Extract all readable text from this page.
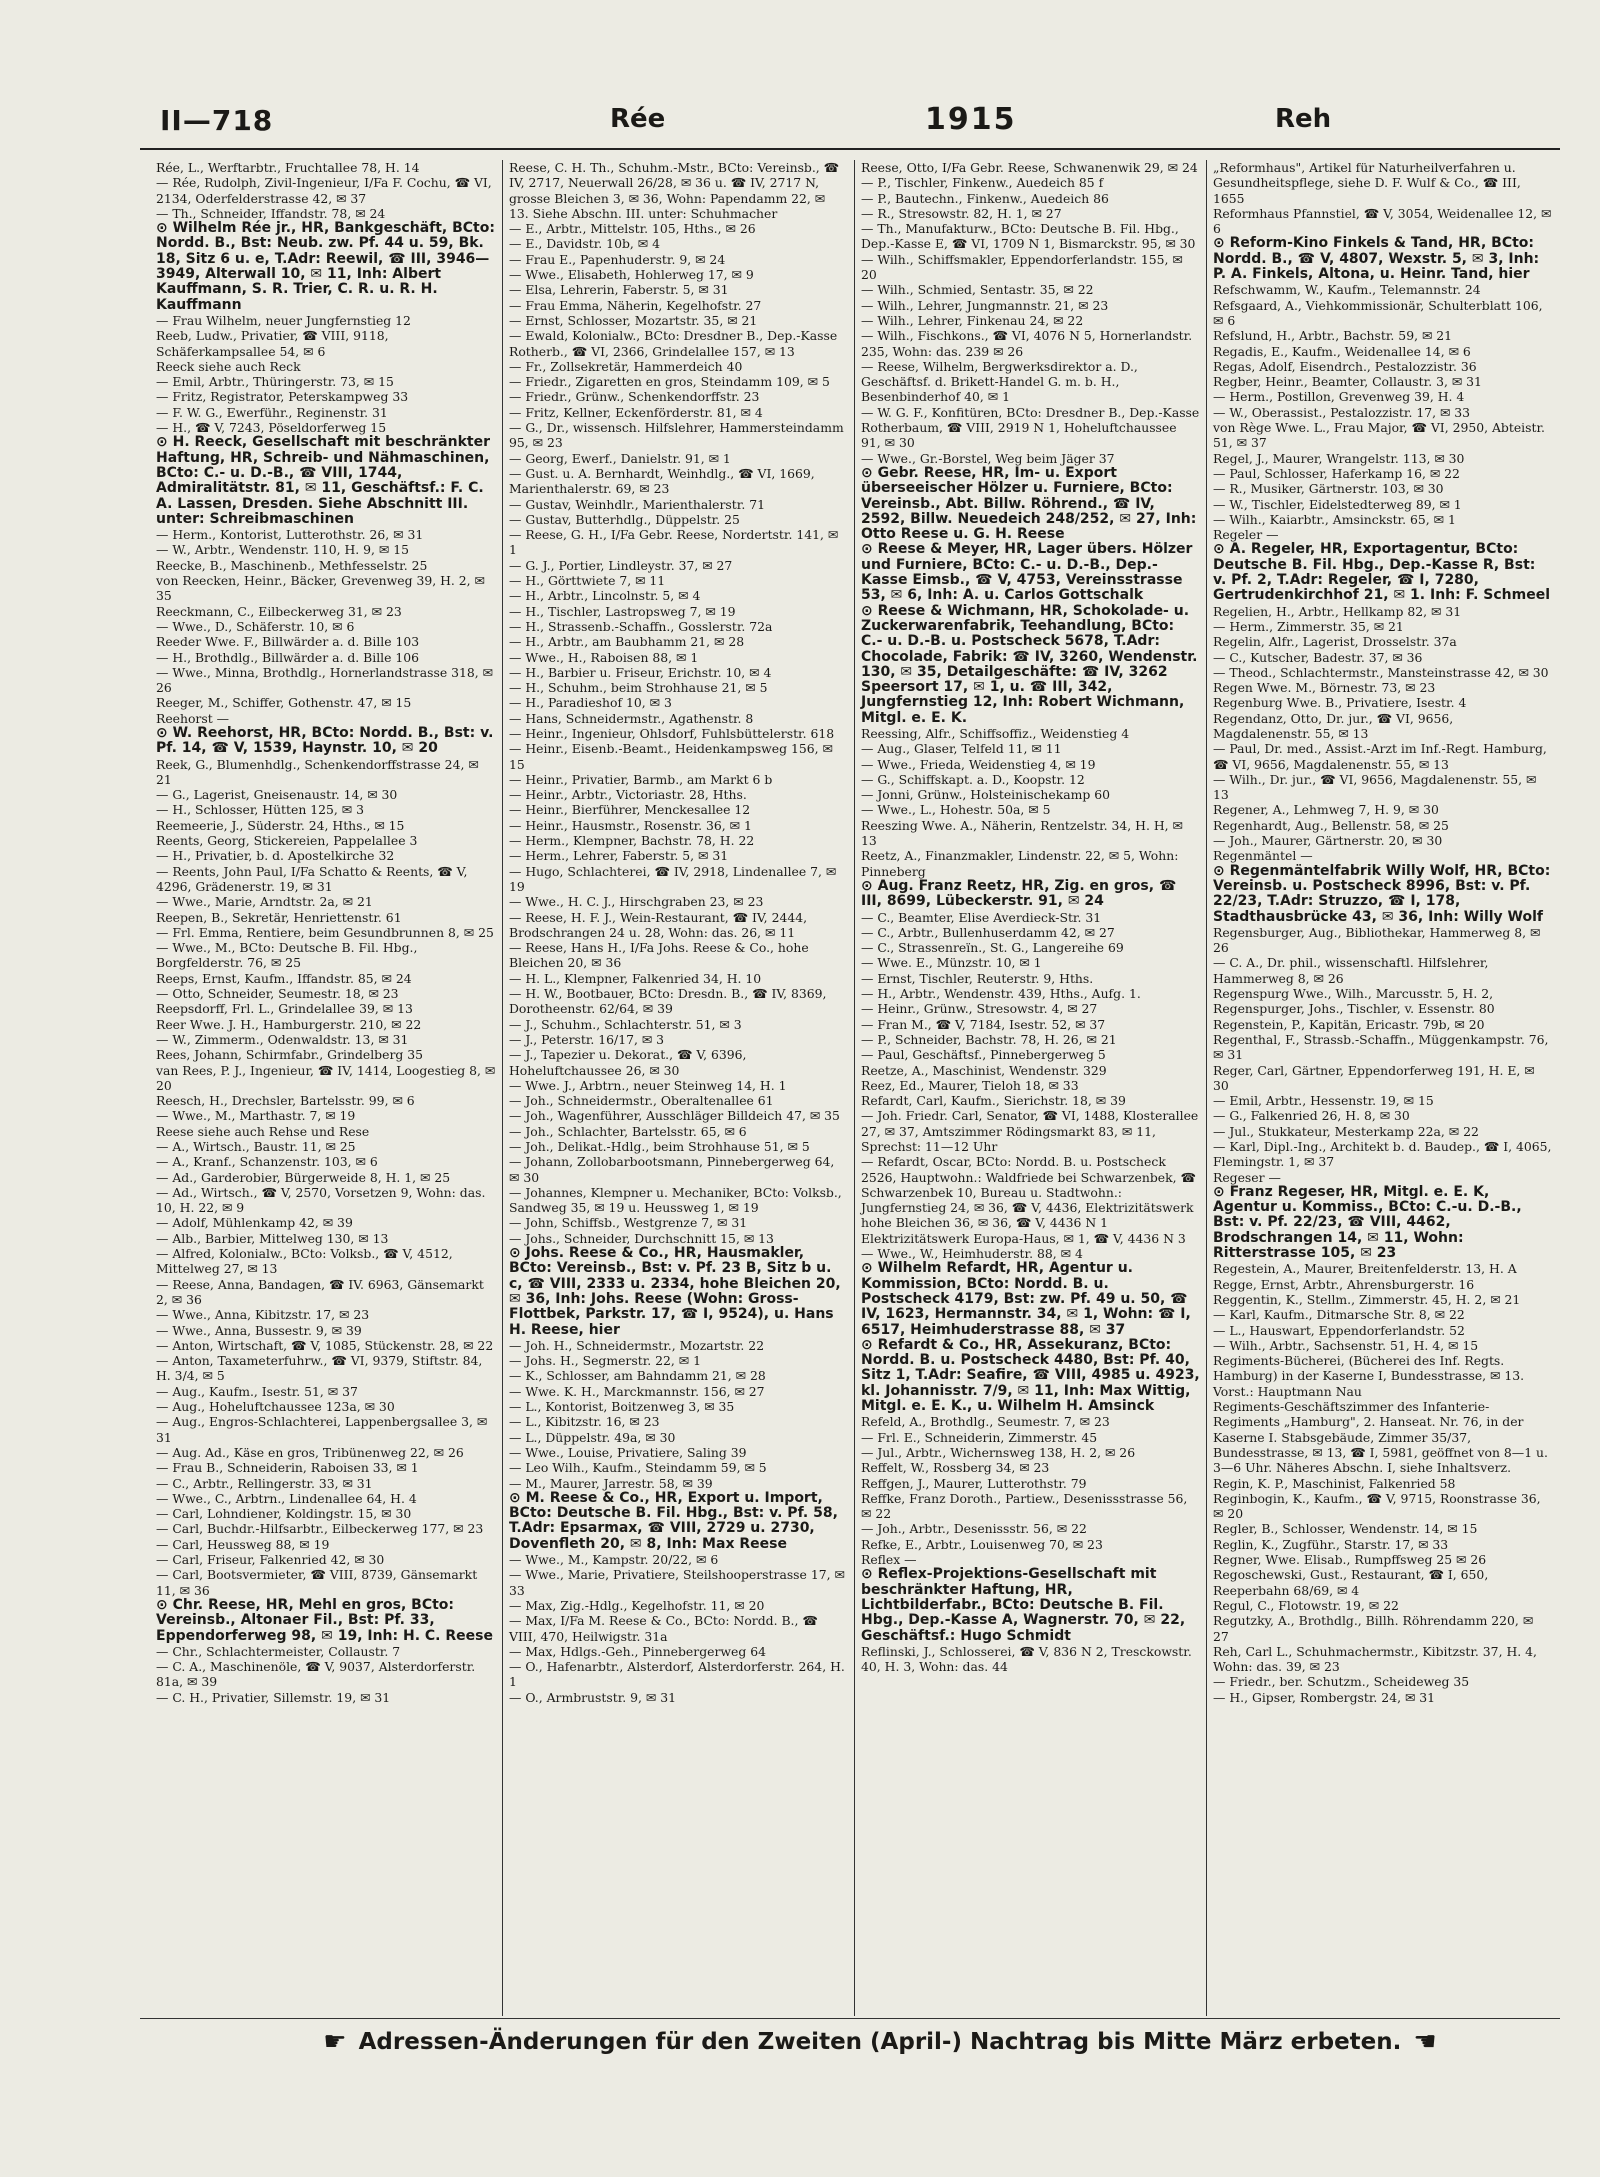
II—718	Rée	1915	Reh

Rée, L., Werftarbtr., Fruchtallee 78, H. 14

— Rée, Rudolph, Zivil-Ingenieur, I/Fa F. Cochu, ☎ VI, 2134, Oderfelderstrasse 42, ✉ 37

— Th., Schneider, Iffandstr. 78, ✉ 24

⊙ Wilhelm Rée jr., HR, Bankgeschäft, BCto: Nordd. B., Bst: Neub. zw. Pf. 44 u. 59, Bk. 18, Sitz 6 u. e, T.Adr: Reewil, ☎ III, 3946—3949, Alterwall 10, ✉ 11, Inh: Albert Kauffmann, S. R. Trier, C. R. u. R. H. Kauffmann

— Frau Wilhelm, neuer Jungfernstieg 12

Reeb, Ludw., Privatier, ☎ VIII, 9118, Schäferkampsallee 54, ✉ 6

Reeck siehe auch Reck

— Emil, Arbtr., Thüringerstr. 73, ✉ 15

— Fritz, Registrator, Peterskampweg 33

— F. W. G., Ewerführ., Reginenstr. 31

— H., ☎ V, 7243, Pöseldorferweg 15

⊙ H. Reeck, Gesellschaft mit beschränkter Haftung, HR, Schreib- und Nähmaschinen, BCto: C.- u. D.-B., ☎ VIII, 1744, Admiralitätstr. 81, ✉ 11, Geschäftsf.: F. C. A. Lassen, Dresden. Siehe Abschnitt III. unter: Schreibmaschinen

— Herm., Kontorist, Lutterothstr. 26, ✉ 31

— W., Arbtr., Wendenstr. 110, H. 9, ✉ 15

Reecke, B., Maschinenb., Methfesselstr. 25

von Reecken, Heinr., Bäcker, Grevenweg 39, H. 2, ✉ 35

Reeckmann, C., Eilbeckerweg 31, ✉ 23

— Wwe., D., Schäferstr. 10, ✉ 6

Reeder Wwe. F., Billwärder a. d. Bille 103

— H., Brothdlg., Billwärder a. d. Bille 106

— Wwe., Minna, Brothdlg., Hornerlandstrasse 318, ✉ 26

Reeger, M., Schiffer, Gothenstr. 47, ✉ 15

Reehorst —

⊙ W. Reehorst, HR, BCto: Nordd. B., Bst: v. Pf. 14, ☎ V, 1539, Haynstr. 10, ✉ 20

Reek, G., Blumenhdlg., Schenkendorffstrasse 24, ✉ 21

— G., Lagerist, Gneisenaustr. 14, ✉ 30

— H., Schlosser, Hütten 125, ✉ 3

Reemeerie, J., Süderstr. 24, Hths., ✉ 15

Reents, Georg, Stickereien, Pappelallee 3

— H., Privatier, b. d. Apostelkirche 32

— Reents, John Paul, I/Fa Schatto & Reents, ☎ V, 4296, Grädenerstr. 19, ✉ 31

— Wwe., Marie, Arndtstr. 2a, ✉ 21

Reepen, B., Sekretär, Henriettenstr. 61

— Frl. Emma, Rentiere, beim Gesundbrunnen 8, ✉ 25

— Wwe., M., BCto: Deutsche B. Fil. Hbg., Borgfelderstr. 76, ✉ 25

Reeps, Ernst, Kaufm., Iffandstr. 85, ✉ 24

— Otto, Schneider, Seumestr. 18, ✉ 23

Reepsdorff, Frl. L., Grindelallee 39, ✉ 13

Reer Wwe. J. H., Hamburgerstr. 210, ✉ 22

— W., Zimmerm., Odenwaldstr. 13, ✉ 31

Rees, Johann, Schirmfabr., Grindelberg 35

van Rees, P. J., Ingenieur, ☎ IV, 1414, Loogestieg 8, ✉ 20

Reesch, H., Drechsler, Bartelsstr. 99, ✉ 6

— Wwe., M., Marthastr. 7, ✉ 19

Reese siehe auch Rehse und Rese

— A., Wirtsch., Baustr. 11, ✉ 25

— A., Kranf., Schanzenstr. 103, ✉ 6

— Ad., Garderobier, Bürgerweide 8, H. 1, ✉ 25

— Ad., Wirtsch., ☎ V, 2570, Vorsetzen 9, Wohn: das. 10, H. 22, ✉ 9

— Adolf, Mühlenkamp 42, ✉ 39

— Alb., Barbier, Mittelweg 130, ✉ 13

— Alfred, Kolonialw., BCto: Volksb., ☎ V, 4512, Mittelweg 27, ✉ 13

— Reese, Anna, Bandagen, ☎ IV. 6963, Gänsemarkt 2, ✉ 36

— Wwe., Anna, Kibitzstr. 17, ✉ 23

— Wwe., Anna, Bussestr. 9, ✉ 39

— Anton, Wirtschaft, ☎ V, 1085, Stückenstr. 28, ✉ 22

— Anton, Taxameterfuhrw., ☎ VI, 9379, Stiftstr. 84, H. 3/4, ✉ 5

— Aug., Kaufm., Isestr. 51, ✉ 37

— Aug., Hoheluftchaussee 123a, ✉ 30

— Aug., Engros-Schlachterei, Lappenbergsallee 3, ✉ 31

— Aug. Ad., Käse en gros, Tribünenweg 22, ✉ 26

— Frau B., Schneiderin, Raboisen 33, ✉ 1

— C., Arbtr., Rellingerstr. 33, ✉ 31

— Wwe., C., Arbtrn., Lindenallee 64, H. 4

— Carl, Lohndiener, Koldingstr. 15, ✉ 30

— Carl, Buchdr.-Hilfsarbtr., Eilbeckerweg 177, ✉ 23

— Carl, Heussweg 88, ✉ 19

— Carl, Friseur, Falkenried 42, ✉ 30

— Carl, Bootsvermieter, ☎ VIII, 8739, Gänsemarkt 11, ✉ 36

⊙ Chr. Reese, HR, Mehl en gros, BCto: Vereinsb., Altonaer Fil., Bst: Pf. 33, Eppendorferweg 98, ✉ 19, Inh: H. C. Reese

— Chr., Schlachtermeister, Collaustr. 7

— C. A., Maschinenöle, ☎ V, 9037, Alsterdorferstr. 81a, ✉ 39

— C. H., Privatier, Sillemstr. 19, ✉ 31

Reese, C. H. Th., Schuhm.-Mstr., BCto: Vereinsb., ☎ IV, 2717, Neuerwall 26/28, ✉ 36 u. ☎ IV, 2717 N, grosse Bleichen 3, ✉ 36, Wohn: Papendamm 22, ✉ 13. Siehe Abschn. III. unter: Schuhmacher

— E., Arbtr., Mittelstr. 105, Hths., ✉ 26

— E., Davidstr. 10b, ✉ 4

— Frau E., Papenhuderstr. 9, ✉ 24

— Wwe., Elisabeth, Hohlerweg 17, ✉ 9

— Elsa, Lehrerin, Faberstr. 5, ✉ 31

— Frau Emma, Näherin, Kegelhofstr. 27

— Ernst, Schlosser, Mozartstr. 35, ✉ 21

— Ewald, Kolonialw., BCto: Dresdner B., Dep.-Kasse Rotherb., ☎ VI, 2366, Grindelallee 157, ✉ 13

— Fr., Zollsekretär, Hammerdeich 40

— Friedr., Zigaretten en gros, Steindamm 109, ✉ 5

— Friedr., Grünw., Schenkendorffstr. 23

— Fritz, Kellner, Eckenförderstr. 81, ✉ 4

— G., Dr., wissensch. Hilfslehrer, Hammersteindamm 95, ✉ 23

— Georg, Ewerf., Danielstr. 91, ✉ 1

— Gust. u. A. Bernhardt, Weinhdlg., ☎ VI, 1669, Marienthalerstr. 69, ✉ 23

— Gustav, Weinhdlr., Marienthalerstr. 71

— Gustav, Butterhdlg., Düppelstr. 25

— Reese, G. H., I/Fa Gebr. Reese, Nordertstr. 141, ✉ 1

— G. J., Portier, Lindleystr. 37, ✉ 27

— H., Görttwiete 7, ✉ 11

— H., Arbtr., Lincolnstr. 5, ✉ 4

— H., Tischler, Lastropsweg 7, ✉ 19

— H., Strassenb.-Schaffn., Gosslerstr. 72a

— H., Arbtr., am Baubhamm 21, ✉ 28

— Wwe., H., Raboisen 88, ✉ 1

— H., Barbier u. Friseur, Erichstr. 10, ✉ 4

— H., Schuhm., beim Strohhause 21, ✉ 5

— H., Paradieshof 10, ✉ 3

— Hans, Schneidermstr., Agathenstr. 8

— Heinr., Ingenieur, Ohlsdorf, Fuhlsbüttelerstr. 618

— Heinr., Eisenb.-Beamt., Heidenkampsweg 156, ✉ 15

— Heinr., Privatier, Barmb., am Markt 6 b

— Heinr., Arbtr., Victoriastr. 28, Hths.

— Heinr., Bierführer, Menckesallee 12

— Heinr., Hausmstr., Rosenstr. 36, ✉ 1

— Herm., Klempner, Bachstr. 78, H. 22

— Herm., Lehrer, Faberstr. 5, ✉ 31

— Hugo, Schlachterei, ☎ IV, 2918, Lindenallee 7, ✉ 19

— Wwe., H. C. J., Hirschgraben 23, ✉ 23

— Reese, H. F. J., Wein-Restaurant, ☎ IV, 2444, Brodschrangen 24 u. 28, Wohn: das. 26, ✉ 11

— Reese, Hans H., I/Fa Johs. Reese & Co., hohe Bleichen 20, ✉ 36

— H. L., Klempner, Falkenried 34, H. 10

— H. W., Bootbauer, BCto: Dresdn. B., ☎ IV, 8369, Dorotheenstr. 62/64, ✉ 39

— J., Schuhm., Schlachterstr. 51, ✉ 3

— J., Peterstr. 16/17, ✉ 3

— J., Tapezier u. Dekorat., ☎ V, 6396, Hoheluftchaussee 26, ✉ 30

— Wwe. J., Arbtrn., neuer Steinweg 14, H. 1

— Joh., Schneidermstr., Oberaltenallee 61

— Joh., Wagenführer, Ausschläger Billdeich 47, ✉ 35

— Joh., Schlachter, Bartelsstr. 65, ✉ 6

— Joh., Delikat.-Hdlg., beim Strohhause 51, ✉ 5

— Johann, Zollobarbootsmann, Pinnebergerweg 64, ✉ 30

— Johannes, Klempner u. Mechaniker, BCto: Volksb., Sandweg 35, ✉ 19 u. Heussweg 1, ✉ 19

— John, Schiffsb., Westgrenze 7, ✉ 31

— Johs., Schneider, Durchschnitt 15, ✉ 13

⊙ Johs. Reese & Co., HR, Hausmakler, BCto: Vereinsb., Bst: v. Pf. 23 B, Sitz b u. c, ☎ VIII, 2333 u. 2334, hohe Bleichen 20, ✉ 36, Inh: Johs. Reese (Wohn: Gross-Flottbek, Parkstr. 17, ☎ I, 9524), u. Hans H. Reese, hier

— Joh. H., Schneidermstr., Mozartstr. 22

— Johs. H., Segmerstr. 22, ✉ 1

— K., Schlosser, am Bahndamm 21, ✉ 28

— Wwe. K. H., Marckmannstr. 156, ✉ 27

— L., Kontorist, Boitzenweg 3, ✉ 35

— L., Kibitzstr. 16, ✉ 23

— L., Düppelstr. 49a, ✉ 30

— Wwe., Louise, Privatiere, Saling 39

— Leo Wilh., Kaufm., Steindamm 59, ✉ 5

— M., Maurer, Jarrestr. 58, ✉ 39

⊙ M. Reese & Co., HR, Export u. Import, BCto: Deutsche B. Fil. Hbg., Bst: v. Pf. 58, T.Adr: Epsarmax, ☎ VIII, 2729 u. 2730, Dovenfleth 20, ✉ 8, Inh: Max Reese

— Wwe., M., Kampstr. 20/22, ✉ 6

— Wwe., Marie, Privatiere, Steilshooperstrasse 17, ✉ 33

— Max, Zig.-Hdlg., Kegelhofstr. 11, ✉ 20

— Max, I/Fa M. Reese & Co., BCto: Nordd. B., ☎ VIII, 470, Heilwigstr. 31a

— Max, Hdlgs.-Geh., Pinnebergerweg 64

— O., Hafenarbtr., Alsterdorf, Alsterdorferstr. 264, H. 1

— O., Armbruststr. 9, ✉ 31

Reese, Otto, I/Fa Gebr. Reese, Schwanenwik 29, ✉ 24

— P., Tischler, Finkenw., Auedeich 85 f

— P., Bautechn., Finkenw., Auedeich 86

— R., Stresowstr. 82, H. 1, ✉ 27

— Th., Manufakturw., BCto: Deutsche B. Fil. Hbg., Dep.-Kasse E, ☎ VI, 1709 N 1, Bismarckstr. 95, ✉ 30

— Wilh., Schiffsmakler, Eppendorferlandstr. 155, ✉ 20

— Wilh., Schmied, Sentastr. 35, ✉ 22

— Wilh., Lehrer, Jungmannstr. 21, ✉ 23

— Wilh., Lehrer, Finkenau 24, ✉ 22

— Wilh., Fischkons., ☎ VI, 4076 N 5, Hornerlandstr. 235, Wohn: das. 239 ✉ 26

— Reese, Wilhelm, Bergwerksdirektor a. D., Geschäftsf. d. Brikett-Handel G. m. b. H., Besenbinderhof 40, ✉ 1

— W. G. F., Konfitüren, BCto: Dresdner B., Dep.-Kasse Rotherbaum, ☎ VIII, 2919 N 1, Hoheluftchaussee 91, ✉ 30

— Wwe., Gr.-Borstel, Weg beim Jäger 37

⊙ Gebr. Reese, HR, Im- u. Export überseeischer Hölzer u. Furniere, BCto: Vereinsb., Abt. Billw. Röhrend., ☎ IV, 2592, Billw. Neuedeich 248/252, ✉ 27, Inh: Otto Reese u. G. H. Reese

⊙ Reese & Meyer, HR, Lager übers. Hölzer und Furniere, BCto: C.- u. D.-B., Dep.-Kasse Eimsb., ☎ V, 4753, Vereinsstrasse 53, ✉ 6, Inh: A. u. Carlos Gottschalk

⊙ Reese & Wichmann, HR, Schokolade- u. Zuckerwarenfabrik, Teehandlung, BCto: C.- u. D.-B. u. Postscheck 5678, T.Adr: Chocolade, Fabrik: ☎ IV, 3260, Wendenstr. 130, ✉ 35, Detailgeschäfte: ☎ IV, 3262 Speersort 17, ✉ 1, u. ☎ III, 342, Jungfernstieg 12, Inh: Robert Wichmann, Mitgl. e. E. K.

Reessing, Alfr., Schiffsoffiz., Weidenstieg 4

— Aug., Glaser, Telfeld 11, ✉ 11

— Wwe., Frieda, Weidenstieg 4, ✉ 19

— G., Schiffskapt. a. D., Koopstr. 12

— Jonni, Grünw., Holsteinischekamp 60

— Wwe., L., Hohestr. 50a, ✉ 5

Reeszing Wwe. A., Näherin, Rentzelstr. 34, H. H, ✉ 13

Reetz, A., Finanzmakler, Lindenstr. 22, ✉ 5, Wohn: Pinneberg

⊙ Aug. Franz Reetz, HR, Zig. en gros, ☎ III, 8699, Lübeckerstr. 91, ✉ 24

— C., Beamter, Elise Averdieck-Str. 31

— C., Arbtr., Bullenhuserdamm 42, ✉ 27

— C., Strassenreïn., St. G., Langereihe 69

— Wwe. E., Münzstr. 10, ✉ 1

— Ernst, Tischler, Reuterstr. 9, Hths.

— H., Arbtr., Wendenstr. 439, Hths., Aufg. 1.

— Heinr., Grünw., Stresowstr. 4, ✉ 27

— Fran M., ☎ V, 7184, Isestr. 52, ✉ 37

— P., Schneider, Bachstr. 78, H. 26, ✉ 21

— Paul, Geschäftsf., Pinnebergerweg 5

Reetze, A., Maschinist, Wendenstr. 329

Reez, Ed., Maurer, Tieloh 18, ✉ 33

Refardt, Carl, Kaufm., Sierichstr. 18, ✉ 39

— Joh. Friedr. Carl, Senator, ☎ VI, 1488, Klosterallee 27, ✉ 37, Amtszimmer Rödingsmarkt 83, ✉ 11, Sprechst: 11—12 Uhr

— Refardt, Oscar, BCto: Nordd. B. u. Postscheck 2526, Hauptwohn.: Waldfriede bei Schwarzenbek, ☎ Schwarzenbek 10, Bureau u. Stadtwohn.: Jungfernstieg 24, ✉ 36, ☎ V, 4436, Elektrizitätswerk hohe Bleichen 36, ✉ 36, ☎ V, 4436 N 1 Elektrizitätswerk Europa-Haus, ✉ 1, ☎ V, 4436 N 3

— Wwe., W., Heimhuderstr. 88, ✉ 4

⊙ Wilhelm Refardt, HR, Agentur u. Kommission, BCto: Nordd. B. u. Postscheck 4179, Bst: zw. Pf. 49 u. 50, ☎ IV, 1623, Hermannstr. 34, ✉ 1, Wohn: ☎ I, 6517, Heimhuderstrasse 88, ✉ 37

⊙ Refardt & Co., HR, Assekuranz, BCto: Nordd. B. u. Postscheck 4480, Bst: Pf. 40, Sitz 1, T.Adr: Seafire, ☎ VIII, 4985 u. 4923, kl. Johannisstr. 7/9, ✉ 11, Inh: Max Wittig, Mitgl. e. E. K., u. Wilhelm H. Amsinck

Refeld, A., Brothdlg., Seumestr. 7, ✉ 23

— Frl. E., Schneiderin, Zimmerstr. 45

— Jul., Arbtr., Wichernsweg 138, H. 2, ✉ 26

Reffelt, W., Rossberg 34, ✉ 23

Reffgen, J., Maurer, Lutterothstr. 79

Reffke, Franz Doroth., Partiew., Desenissstrasse 56, ✉ 22

— Joh., Arbtr., Desenissstr. 56, ✉ 22

Refke, E., Arbtr., Louisenweg 70, ✉ 23

Reflex —

⊙ Reflex-Projektions-Gesellschaft mit beschränkter Haftung, HR, Lichtbilderfabr., BCto: Deutsche B. Fil. Hbg., Dep.-Kasse A, Wagnerstr. 70, ✉ 22, Geschäftsf.: Hugo Schmidt

Reflinski, J., Schlosserei, ☎ V, 836 N 2, Tresckowstr. 40, H. 3, Wohn: das. 44

„Reformhaus", Artikel für Naturheilverfahren u. Gesundheitspflege, siehe D. F. Wulf & Co., ☎ III, 1655

Reformhaus Pfannstiel, ☎ V, 3054, Weidenallee 12, ✉ 6

⊙ Reform-Kino Finkels & Tand, HR, BCto: Nordd. B., ☎ V, 4807, Wexstr. 5, ✉ 3, Inh: P. A. Finkels, Altona, u. Heinr. Tand, hier

Refschwamm, W., Kaufm., Telemannstr. 24

Refsgaard, A., Viehkommissionär, Schulterblatt 106, ✉ 6

Refslund, H., Arbtr., Bachstr. 59, ✉ 21

Regadis, E., Kaufm., Weidenallee 14, ✉ 6

Regas, Adolf, Eisendrch., Pestalozzistr. 36

Regber, Heinr., Beamter, Collaustr. 3, ✉ 31

— Herm., Postillon, Grevenweg 39, H. 4

— W., Oberassist., Pestalozzistr. 17, ✉ 33

von Rège Wwe. L., Frau Major, ☎ VI, 2950, Abteistr. 51, ✉ 37

Regel, J., Maurer, Wrangelstr. 113, ✉ 30

— Paul, Schlosser, Haferkamp 16, ✉ 22

— R., Musiker, Gärtnerstr. 103, ✉ 30

— W., Tischler, Eidelstedterweg 89, ✉ 1

— Wilh., Kaiarbtr., Amsinckstr. 65, ✉ 1

Regeler —

⊙ A. Regeler, HR, Exportagentur, BCto: Deutsche B. Fil. Hbg., Dep.-Kasse R, Bst: v. Pf. 2, T.Adr: Regeler, ☎ I, 7280, Gertrudenkirchhof 21, ✉ 1. Inh: F. Schmeel

Regelien, H., Arbtr., Hellkamp 82, ✉ 31

— Herm., Zimmerstr. 35, ✉ 21

Regelin, Alfr., Lagerist, Drosselstr. 37a

— C., Kutscher, Badestr. 37, ✉ 36

— Theod., Schlachtermstr., Mansteinstrasse 42, ✉ 30

Regen Wwe. M., Börnestr. 73, ✉ 23

Regenburg Wwe. B., Privatiere, Isestr. 4

Regendanz, Otto, Dr. jur., ☎ VI, 9656, Magdalenenstr. 55, ✉ 13

— Paul, Dr. med., Assist.-Arzt im Inf.-Regt. Hamburg, ☎ VI, 9656, Magdalenenstr. 55, ✉ 13

— Wilh., Dr. jur., ☎ VI, 9656, Magdalenenstr. 55, ✉ 13

Regener, A., Lehmweg 7, H. 9, ✉ 30

Regenhardt, Aug., Bellenstr. 58, ✉ 25

— Joh., Maurer, Gärtnerstr. 20, ✉ 30

Regenmäntel —

⊙ Regenmäntelfabrik Willy Wolf, HR, BCto: Vereinsb. u. Postscheck 8996, Bst: v. Pf. 22/23, T.Adr: Struzzo, ☎ I, 178, Stadthausbrücke 43, ✉ 36, Inh: Willy Wolf

Regensburger, Aug., Bibliothekar, Hammerweg 8, ✉ 26

— C. A., Dr. phil., wissenschaftl. Hilfslehrer, Hammerweg 8, ✉ 26

Regenspurg Wwe., Wilh., Marcusstr. 5, H. 2,

Regenspurger, Johs., Tischler, v. Essenstr. 80

Regenstein, P., Kapitän, Ericastr. 79b, ✉ 20

Regenthal, F., Strassb.-Schaffn., Müggenkampstr. 76, ✉ 31

Reger, Carl, Gärtner, Eppendorferweg 191, H. E, ✉ 30

— Emil, Arbtr., Hessenstr. 19, ✉ 15

— G., Falkenried 26, H. 8, ✉ 30

— Jul., Stukkateur, Mesterkamp 22a, ✉ 22

— Karl, Dipl.-Ing., Architekt b. d. Baudep., ☎ I, 4065, Flemingstr. 1, ✉ 37

Regeser —

⊙ Franz Regeser, HR, Mitgl. e. E. K, Agentur u. Kommiss., BCto: C.-u. D.-B., Bst: v. Pf. 22/23, ☎ VIII, 4462, Brodschrangen 14, ✉ 11, Wohn: Ritterstrasse 105, ✉ 23

Regestein, A., Maurer, Breitenfelderstr. 13, H. A

Regge, Ernst, Arbtr., Ahrensburgerstr. 16

Reggentin, K., Stellm., Zimmerstr. 45, H. 2, ✉ 21

— Karl, Kaufm., Ditmarsche Str. 8, ✉ 22

— L., Hauswart, Eppendorferlandstr. 52

— Wilh., Arbtr., Sachsenstr. 51, H. 4, ✉ 15

Regiments-Bücherei, (Bücherei des Inf. Regts. Hamburg) in der Kaserne I, Bundesstrasse, ✉ 13. Vorst.: Hauptmann Nau

Regiments-Geschäftszimmer des Infanterie-Regiments „Hamburg", 2. Hanseat. Nr. 76, in der Kaserne I. Stabsgebäude, Zimmer 35/37, Bundesstrasse, ✉ 13, ☎ I, 5981, geöffnet von 8—1 u. 3—6 Uhr. Näheres Abschn. I, siehe Inhaltsverz.

Regin, K. P., Maschinist, Falkenried 58

Reginbogin, K., Kaufm., ☎ V, 9715, Roonstrasse 36, ✉ 20

Regler, B., Schlosser, Wendenstr. 14, ✉ 15

Reglin, K., Zugführ., Starstr. 17, ✉ 33

Regner, Wwe. Elisab., Rumpffsweg 25 ✉ 26

Regoschewski, Gust., Restaurant, ☎ I, 650, Reeperbahn 68/69, ✉ 4

Regul, C., Flotowstr. 19, ✉ 22

Regutzky, A., Brothdlg., Billh. Röhrendamm 220, ✉ 27

Reh, Carl L., Schuhmachermstr., Kibitzstr. 37, H. 4, Wohn: das. 39, ✉ 23

— Friedr., ber. Schutzm., Scheideweg 35

— H., Gipser, Rombergstr. 24, ✉ 31

☛ Adressen-Änderungen für den Zweiten (April-) Nachtrag bis Mitte März erbeten. ☚
